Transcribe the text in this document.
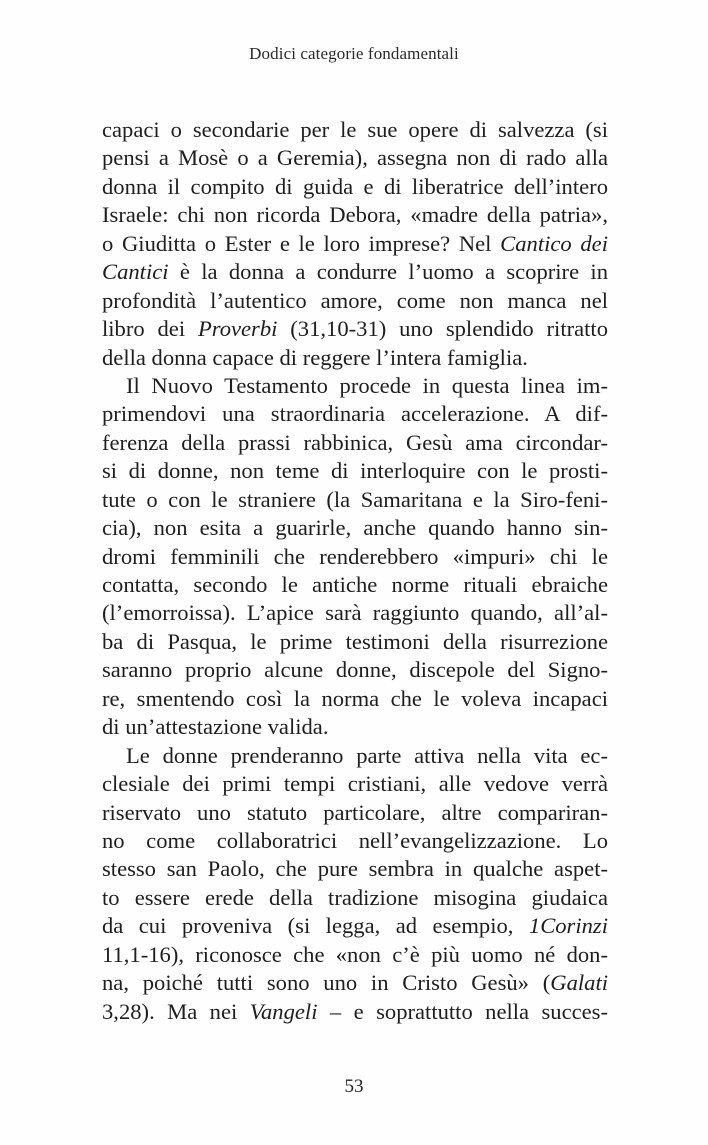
Dodici categorie fondamentali
capaci o secondarie per le sue opere di salvezza (si
pensi a Mosè o a Geremia), assegna non di rado alla
donna il compito di guida e di liberatrice dell’intero
Israele: chi non ricorda Debora, «madre della patria»,
o Giuditta o Ester e le loro imprese? Nel Cantico dei
Cantici è la donna a condurre l’uomo a scoprire in
profondità l’autentico amore, come non manca nel
libro dei Proverbi (31,10-31) uno splendido ritratto
della donna capace di reggere l’intera famiglia.
Il Nuovo Testamento procede in questa linea im-
primendovi una straordinaria accelerazione. A dif-
ferenza della prassi rabbinica, Gesù ama circondar-
si di donne, non teme di interloquire con le prosti-
tute o con le straniere (la Samaritana e la Siro-feni-
cia), non esita a guarirle, anche quando hanno sin-
dromi femminili che renderebbero «impuri» chi le
contatta, secondo le antiche norme rituali ebraiche
(l’emorroissa). L’apice sarà raggiunto quando, all’al-
ba di Pasqua, le prime testimoni della risurrezione
saranno proprio alcune donne, discepole del Signo-
re, smentendo così la norma che le voleva incapaci
di un’attestazione valida.
Le donne prenderanno parte attiva nella vita ec-
clesiale dei primi tempi cristiani, alle vedove verrà
riservato uno statuto particolare, altre compariran-
no come collaboratrici nell’evangelizzazione. Lo
stesso san Paolo, che pure sembra in qualche aspet-
to essere erede della tradizione misogina giudaica
da cui proveniva (si legga, ad esempio, 1Corinzi
11,1-16), riconosce che «non c’è più uomo né don-
na, poiché tutti sono uno in Cristo Gesù» (Galati
3,28). Ma nei Vangeli – e soprattutto nella succes-
53
